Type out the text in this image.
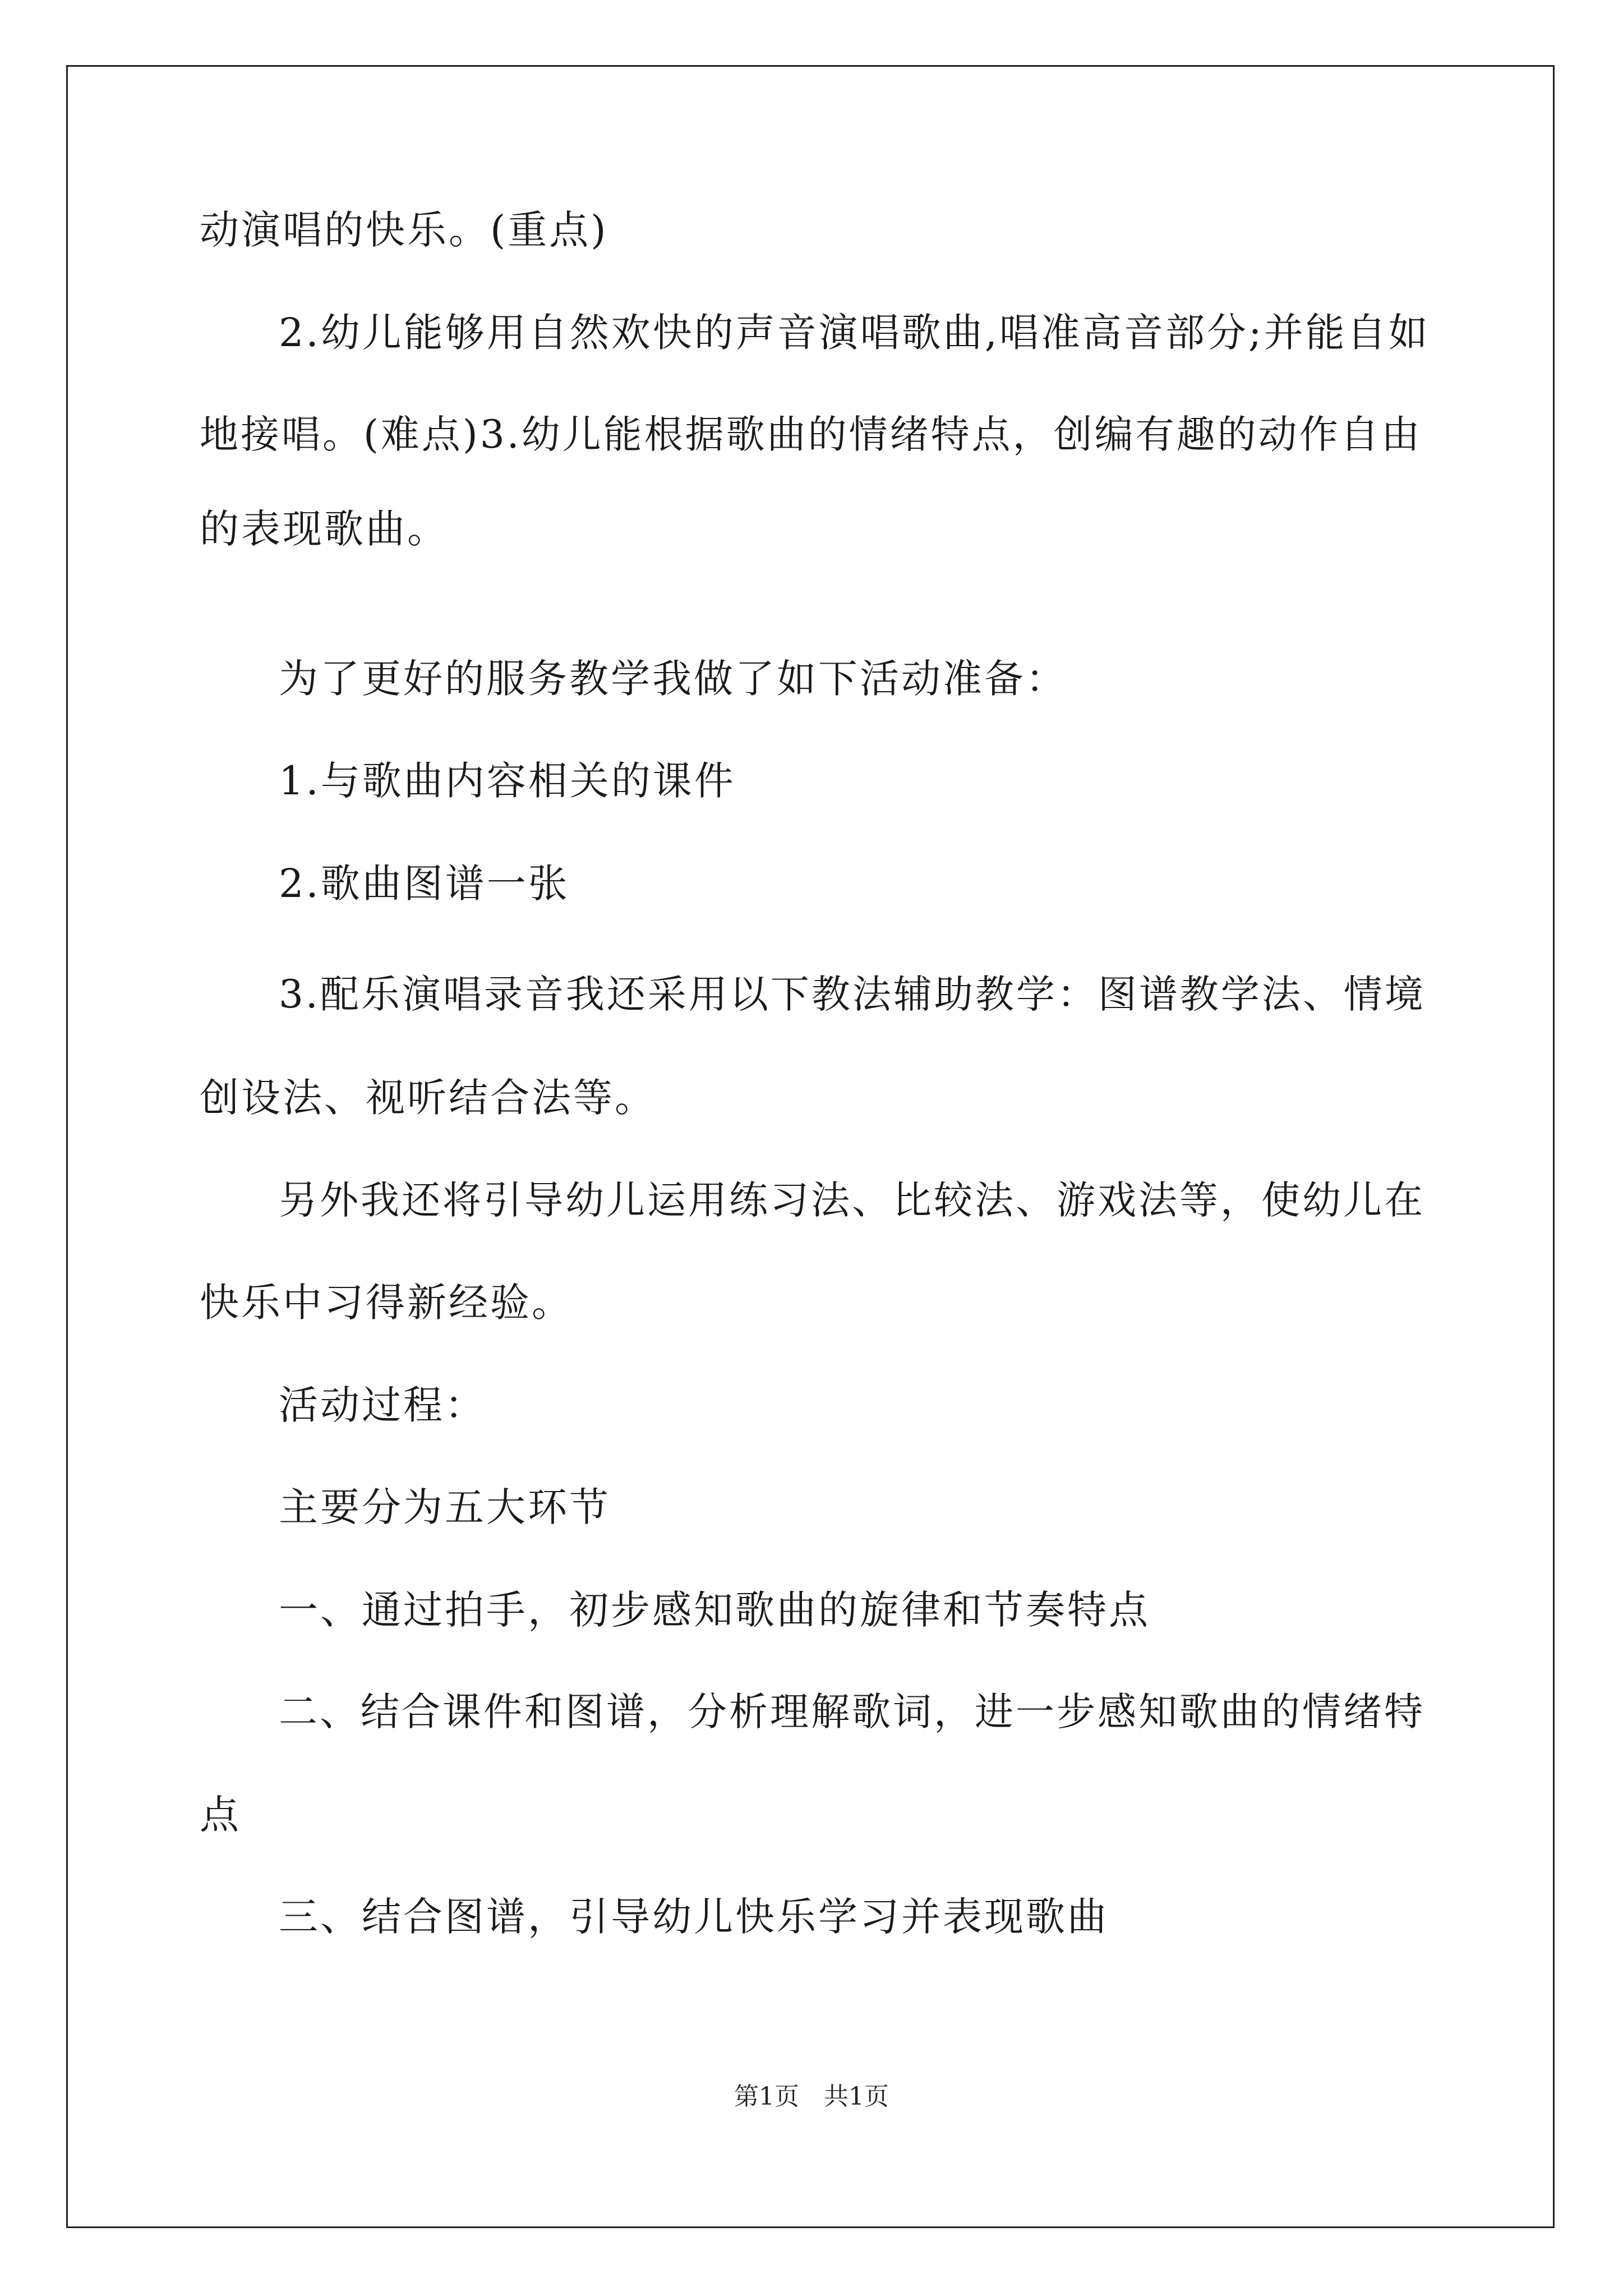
动演唱的快乐。(重点)
2.幼儿能够用自然欢快的声音演唱歌曲,唱准高音部分;并能自如
地接唱。(难点)3.幼儿能根据歌曲的情绪特点，创编有趣的动作自由
的表现歌曲。
为了更好的服务教学我做了如下活动准备：
1.与歌曲内容相关的课件
2.歌曲图谱一张
3.配乐演唱录音我还采用以下教法辅助教学：图谱教学法、情境
创设法、视听结合法等。
另外我还将引导幼儿运用练习法、比较法、游戏法等，使幼儿在
快乐中习得新经验。
活动过程：
主要分为五大环节
一、通过拍手，初步感知歌曲的旋律和节奏特点
二、结合课件和图谱，分析理解歌词，进一步感知歌曲的情绪特
点
三、结合图谱，引导幼儿快乐学习并表现歌曲
第1页　共1页
